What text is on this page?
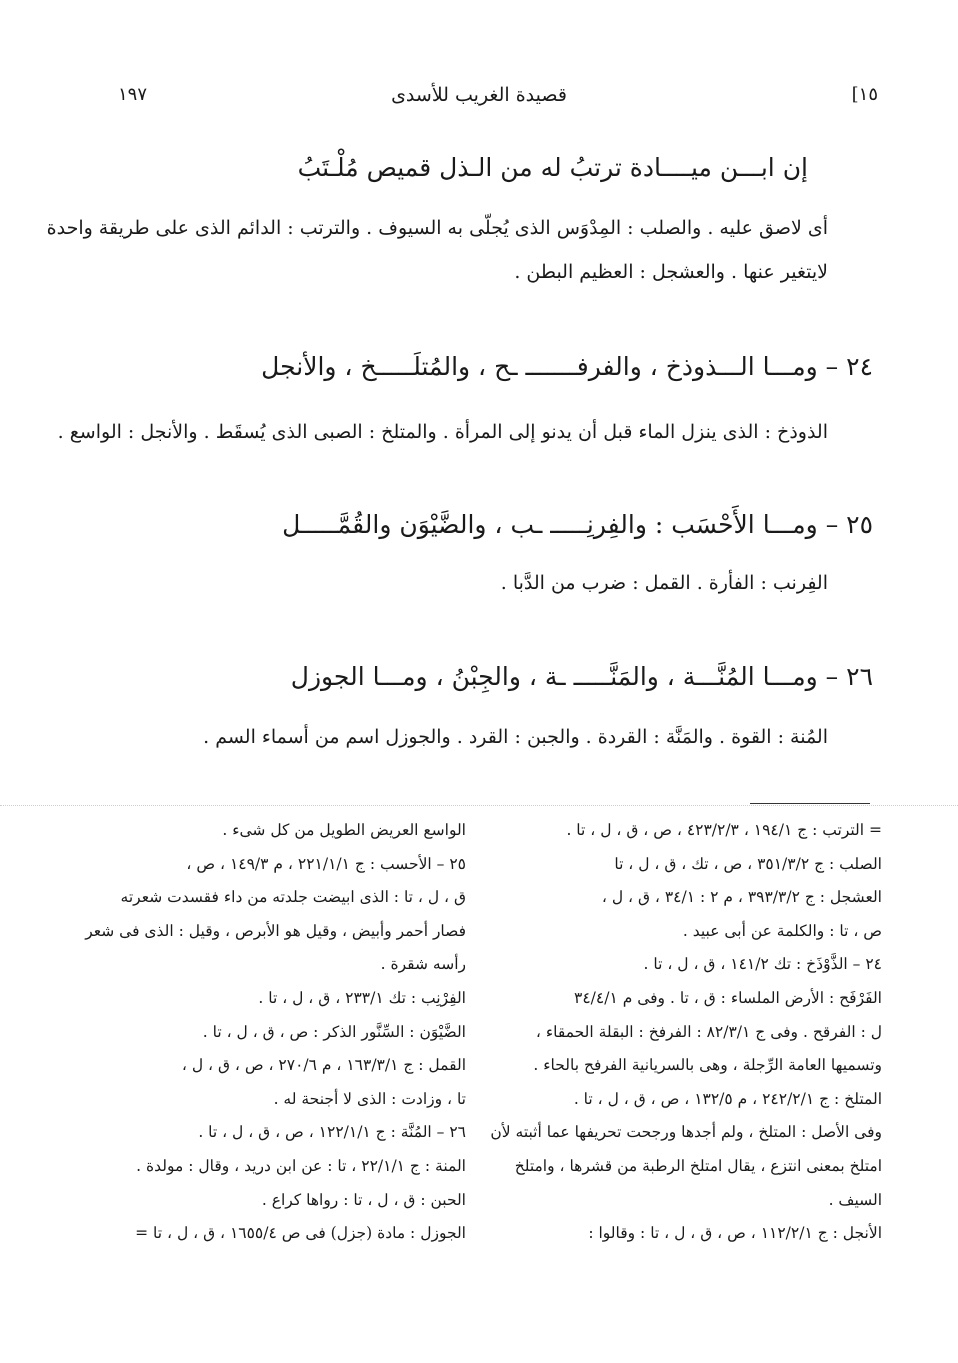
[١٥
قصيدة الغريب للأسدى
١٩٧
إن ابـــن ميــــادة ترتبُ له من الـذل قميص مُلْـتَبُ
أى لاصق عليه . والصلب : المِدْوَس الذى يُجلّى به السيوف . والترتب : الدائم الذى على طريقة واحدة
لايتغير عنها . والعشجل : العظيم البطن .
٢٤ – ومـــا الـــذوذخ ، والفرفـــــــ ـح ، والمُتلَـــــخ ، والأنجل
الذوذخ : الذى ينزل الماء قبل أن يدنو إلى المرأة . والمتلخ : الصبى الذى يُسقَط . والأنجل : الواسع .
٢٥ – ومـــا الأَحْسَب : والفِرنِـــــ ـب ، والضَّيْوَن والقُمَّـــــل
الفِرنب : الفأرة . القمل : ضرب من الدَّبا .
٢٦ – ومـــا المُنَّـــة ، والمَنَّـــــ ـة ، والجِبْنُ ، ومـــا الجوزل
المُنة : القوة . والمَنَّة : القردة . والجبن : القرد . والجوزل اسم من أسماء السم .
= الترتب : ج ١٩٤/١ ، ٤٢٣/٢/٣ ، ص ، ق ، ل ، تا .
الصلب : ج ٣٥١/٣/٢ ، ص ، تك ، ق ، ل ، تا
العشجل : ج ٣٩٣/٣/٢ ، م ٢ : ٣٤/١ ، ق ، ل ،
ص ، تا : والكلمة عن أبى عبيد .
٢٤ – الذَّوْذَخ : تك ١٤١/٢ ، ق ، ل ، تا .
الفَرْفَح : الأرض الملساء : ق ، تا . وفى م ٣٤/٤/١
ل : الفرقح . وفى ج ٨٢/٣/١ : الفرفخ : البقلة الحمقاء ،
وتسميها العامة الرِّجلة ، وهى بالسريانية الفرفح بالحاء .
المتلخ : ج ٢٤٢/٢/١ ، م ١٣٢/٥ ، ص ، ق ، ل ، تا .
وفى الأصل : المتلخ ، ولم أجدها ورجحت تحريفها عما أثبته لأن
امتلخ بمعنى انتزع ، يقال امتلخ الرطبة من قشرها ، وامتلخ
السيف .
الأنجل : ج ١١٢/٢/١ ، ص ، ق ، ل ، تا : وقالوا :
الواسع العريض الطويل من كل شىء .
٢٥ – الأحسب : ج ٢٢١/١/١ ، م ١٤٩/٣ ، ص ،
ق ، ل ، تا : الذى ابيضت جلدته من داء فقسدت شعرته
فصار أحمر وأبيض ، وقيل هو الأبرص ، وقيل : الذى فى شعر
رأسه شقرة .
الفِرْنِب : تك ٢٣٣/١ ، ق ، ل ، تا .
الضَّيْوَن : السِّنَّور الذكر : ص ، ق ، ل ، تا .
القمل : ج ١٦٣/٣/١ ، م ٢٧٠/٦ ، ص ، ق ، ل ،
تا ، وزادت : الذى لا أجنحة له .
٢٦ – المُنَّة : ج ١٢٢/١/١ ، ص ، ق ، ل ، تا .
المنة : ج ٢٢/١/١ ، تا : عن ابن دريد ، وقال : مولدة .
الحبن : ق ، ل ، تا : رواها كراع .
الجوزل : مادة (جزل) فى ص ١٦٥٥/٤ ، ق ، ل ، تا =
